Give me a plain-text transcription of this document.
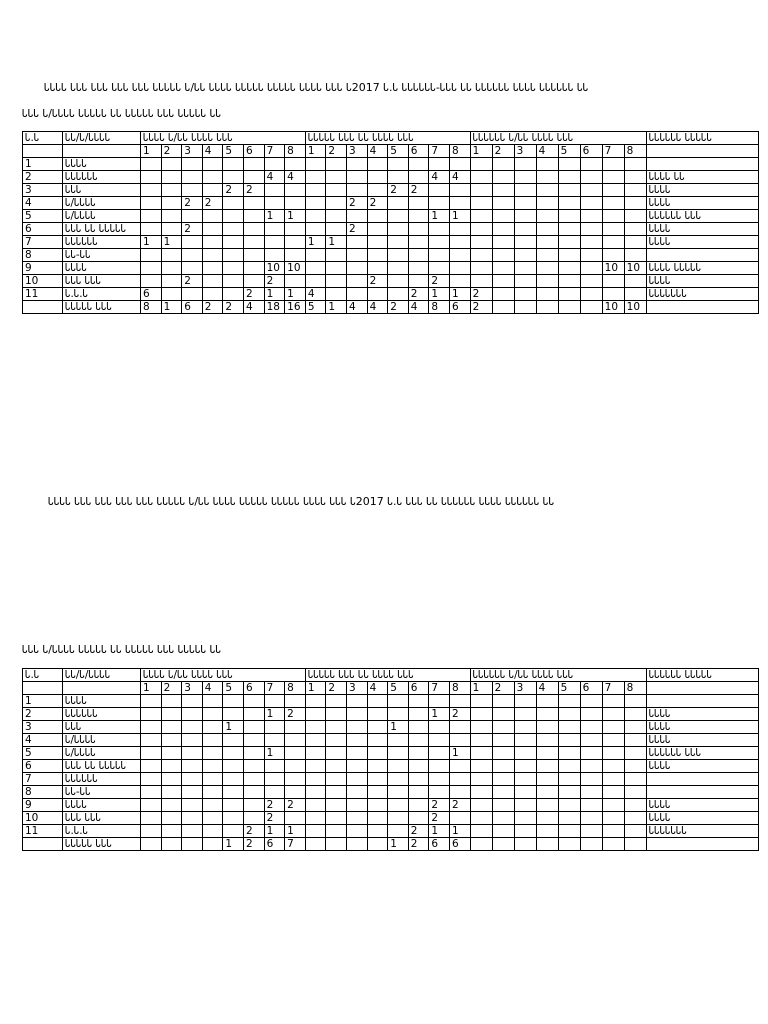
ᏓᏓᏓᏓ ᏓᏓᏓ ᏓᏓᏓ ᏓᏓᏓ ᏓᏓᏓ ᏓᏓᏓᏓᏓ Ꮣ/ᏓᏓ ᏓᏓᏓᏓ ᏓᏓᏓᏓᏓ ᏓᏓᏓᏓᏓ ᏓᏓᏓᏓ ᏓᏓᏓ Ꮣ2017 Ꮣ.Ꮣ ᏓᏓᏓᏓᏓᏓ-ᏓᏓᏓ ᏓᏓ ᏓᏓᏓᏓᏓᏓ ᏓᏓᏓᏓ ᏓᏓᏓᏓᏓᏓ ᏓᏓ
ᏓᏓᏓ Ꮣ/ᏓᏓᏓᏓ ᏓᏓᏓᏓᏓ ᏓᏓ ᏓᏓᏓᏓᏓ ᏓᏓᏓ ᏓᏓᏓᏓᏓ ᏓᏓ
Ꮣ.Ꮣ	ᏓᏓ/Ꮣ/ᏓᏓᏓᏓ	ᏓᏓᏓᏓ Ꮣ/ᏓᏓ ᏓᏓᏓᏓ ᏓᏓᏓ								ᏓᏓᏓᏓᏓ ᏓᏓᏓ ᏓᏓ ᏓᏓᏓᏓ ᏓᏓᏓ								ᏓᏓᏓᏓᏓᏓ Ꮣ/ᏓᏓ ᏓᏓᏓᏓ ᏓᏓᏓ								ᏓᏓᏓᏓᏓᏓ ᏓᏓᏓᏓᏓ
		1	2	3	4	5	6	7	8	1	2	3	4	5	6	7	8	1	2	3	4	5	6	7	8	
1	ᏓᏓᏓᏓ																									
2	ᏓᏓᏓᏓᏓᏓ							4	4							4	4									ᏓᏓᏓᏓ ᏓᏓ
3	ᏓᏓᏓ					2	2							2	2											ᏓᏓᏓᏓ
4	Ꮣ/ᏓᏓᏓᏓ			2	2							2	2													ᏓᏓᏓᏓ
5	Ꮣ/ᏓᏓᏓᏓ							1	1							1	1									ᏓᏓᏓᏓᏓᏓ ᏓᏓᏓ
6	ᏓᏓᏓ ᏓᏓ ᏓᏓᏓᏓᏓ			2								2														ᏓᏓᏓᏓ
7	ᏓᏓᏓᏓᏓᏓ	1	1							1	1															ᏓᏓᏓᏓ
8	ᏓᏓ-ᏓᏓ																									
9	ᏓᏓᏓᏓ							10	10															10	10	ᏓᏓᏓᏓ ᏓᏓᏓᏓᏓ
10	ᏓᏓᏓ ᏓᏓᏓ			2				2					2			2										ᏓᏓᏓᏓ
11	Ꮣ.Ꮣ.Ꮣ	6					2	1	1	4					2	1	1	2								ᏓᏓᏓᏓᏓᏓᏓ
	ᏓᏓᏓᏓᏓ ᏓᏓᏓ	8	1	6	2	2	4	18	16	5	1	4	4	2	4	8	6	2						10	10	
ᏓᏓᏓᏓ ᏓᏓᏓ ᏓᏓᏓ ᏓᏓᏓ ᏓᏓᏓ ᏓᏓᏓᏓᏓ Ꮣ/ᏓᏓ ᏓᏓᏓᏓ ᏓᏓᏓᏓᏓ ᏓᏓᏓᏓᏓ ᏓᏓᏓᏓ ᏓᏓᏓ Ꮣ2017 Ꮣ.Ꮣ ᏓᏓᏓ ᏓᏓ ᏓᏓᏓᏓᏓᏓ ᏓᏓᏓᏓ ᏓᏓᏓᏓᏓᏓ ᏓᏓ
ᏓᏓᏓ Ꮣ/ᏓᏓᏓᏓ ᏓᏓᏓᏓᏓ ᏓᏓ ᏓᏓᏓᏓᏓ ᏓᏓᏓ ᏓᏓᏓᏓᏓ ᏓᏓ
Ꮣ.Ꮣ	ᏓᏓ/Ꮣ/ᏓᏓᏓᏓ	ᏓᏓᏓᏓ Ꮣ/ᏓᏓ ᏓᏓᏓᏓ ᏓᏓᏓ								ᏓᏓᏓᏓᏓ ᏓᏓᏓ ᏓᏓ ᏓᏓᏓᏓ ᏓᏓᏓ								ᏓᏓᏓᏓᏓᏓ Ꮣ/ᏓᏓ ᏓᏓᏓᏓ ᏓᏓᏓ								ᏓᏓᏓᏓᏓᏓ ᏓᏓᏓᏓᏓ
		1	2	3	4	5	6	7	8	1	2	3	4	5	6	7	8	1	2	3	4	5	6	7	8	
1	ᏓᏓᏓᏓ																									
2	ᏓᏓᏓᏓᏓᏓ							1	2							1	2									ᏓᏓᏓᏓ
3	ᏓᏓᏓ					1								1												ᏓᏓᏓᏓ
4	Ꮣ/ᏓᏓᏓᏓ																									ᏓᏓᏓᏓ
5	Ꮣ/ᏓᏓᏓᏓ							1									1									ᏓᏓᏓᏓᏓᏓ ᏓᏓᏓ
6	ᏓᏓᏓ ᏓᏓ ᏓᏓᏓᏓᏓ																									ᏓᏓᏓᏓ
7	ᏓᏓᏓᏓᏓᏓ																									
8	ᏓᏓ-ᏓᏓ																									
9	ᏓᏓᏓᏓ							2	2							2	2									ᏓᏓᏓᏓ
10	ᏓᏓᏓ ᏓᏓᏓ							2								2										ᏓᏓᏓᏓ
11	Ꮣ.Ꮣ.Ꮣ						2	1	1						2	1	1									ᏓᏓᏓᏓᏓᏓᏓ
	ᏓᏓᏓᏓᏓ ᏓᏓᏓ					1	2	6	7					1	2	6	6									
